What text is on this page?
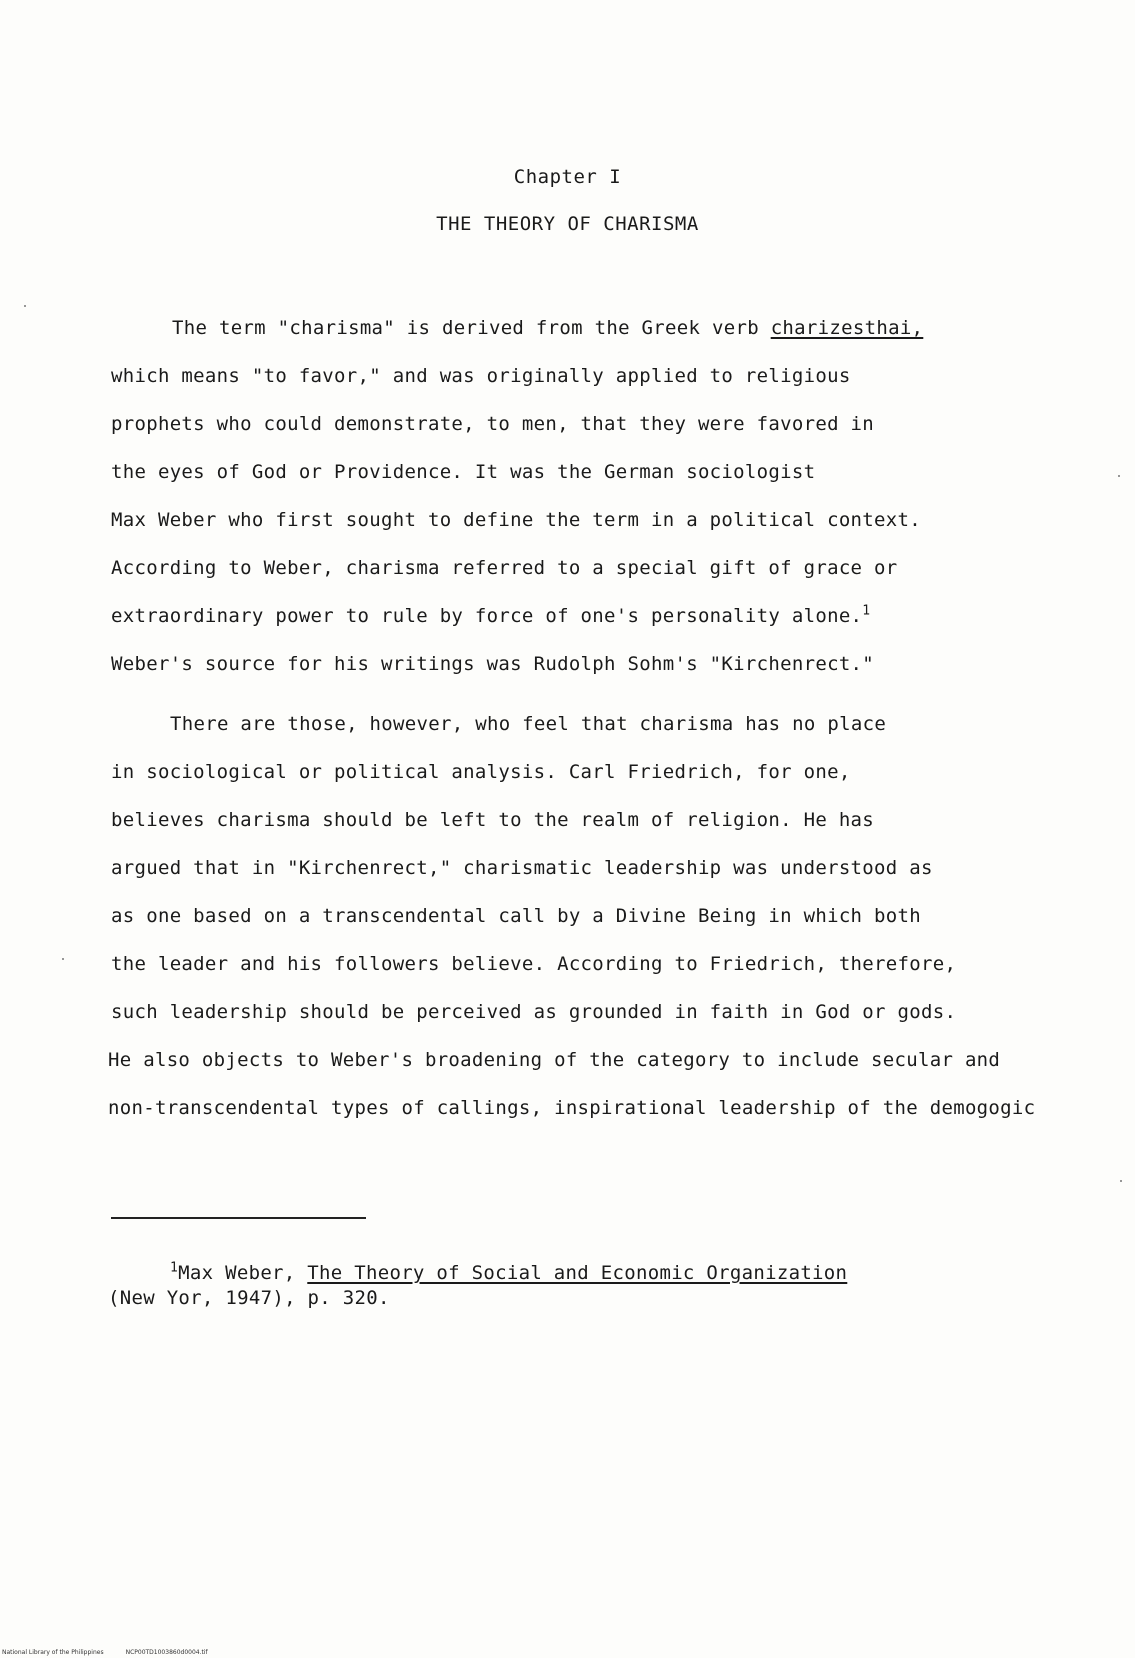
Chapter I
THE THEORY OF CHARISMA
The term "charisma" is derived from the Greek verb charizesthai,
which means "to favor," and was originally applied to religious
prophets who could demonstrate, to men, that they were favored in
the eyes of God or Providence. It was the German sociologist
Max Weber who first sought to define the term in a political context.
According to Weber, charisma referred to a special gift of grace or
extraordinary power to rule by force of one's personality alone.$^1$
Weber's source for his writings was Rudolph Sohm's "Kirchenrect."
There are those, however, who feel that charisma has no place
in sociological or political analysis. Carl Friedrich, for one,
believes charisma should be left to the realm of religion. He has
argued that in "Kirchenrect," charismatic leadership was understood as
as one based on a transcendental call by a Divine Being in which both
the leader and his followers believe. According to Friedrich, therefore,
such leadership should be perceived as grounded in faith in God or gods.
He also objects to Weber's broadening of the category to include secular and
non-transcendental types of callings, inspirational leadership of the demogogic
$^1$Max Weber, The Theory of Social and Economic Organization
(New Yor, 1947), p. 320.
National Library of the Philippines	NCP00TD1003860d0004.tif
